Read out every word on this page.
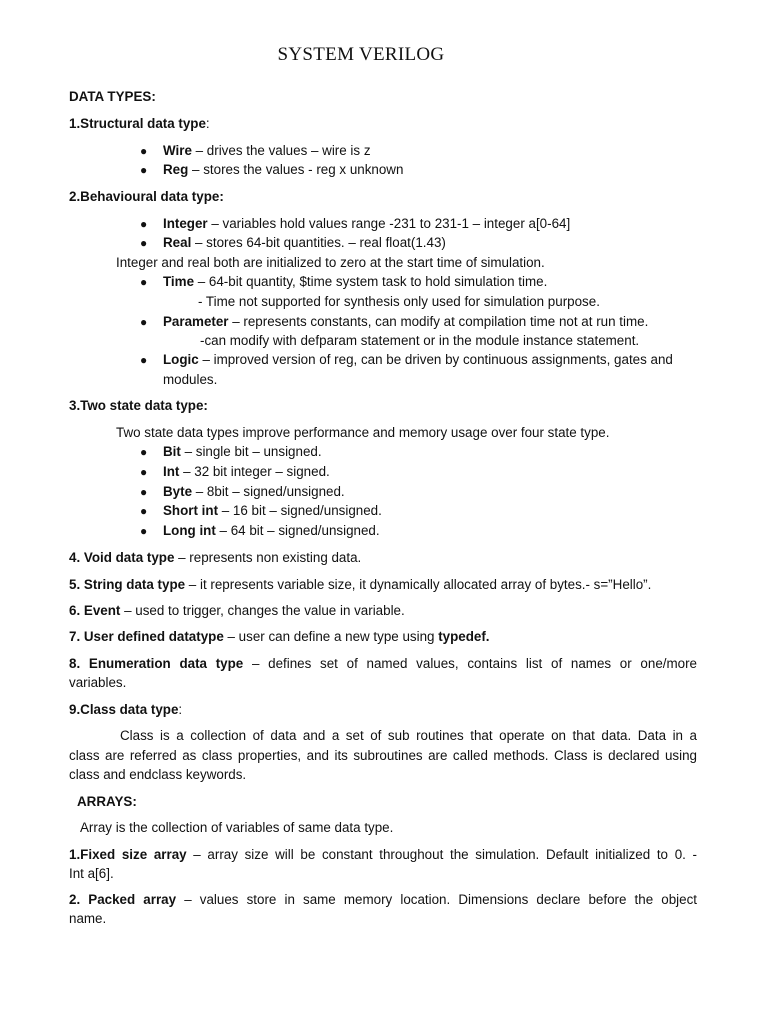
SYSTEM VERILOG
DATA TYPES:
1.Structural data type:
● Wire – drives the values – wire is z
● Reg – stores the values - reg x unknown
2.Behavioural data type:
● Integer – variables hold values range -231 to 231-1 – integer a[0-64]
● Real – stores 64-bit quantities. – real float(1.43)
Integer and real both are initialized to zero at the start time of simulation.
● Time – 64-bit quantity, $time system task to hold simulation time.
- Time not supported for synthesis only used for simulation purpose.
● Parameter – represents constants, can modify at compilation time not at run time.
-can modify with defparam statement or in the module instance statement.
● Logic – improved version of reg, can be driven by continuous assignments, gates and
modules.
3.Two state data type:
Two state data types improve performance and memory usage over four state type.
● Bit – single bit – unsigned.
● Int – 32 bit integer – signed.
● Byte – 8bit – signed/unsigned.
● Short int – 16 bit – signed/unsigned.
● Long int – 64 bit – signed/unsigned.
4. Void data type – represents non existing data.
5. String data type – it represents variable size, it dynamically allocated array of bytes.- s=”Hello”.
6. Event – used to trigger, changes the value in variable.
7. User defined datatype – user can define a new type using typedef.
8. Enumeration data type – defines set of named values, contains list of names or one/more
variables.
9.Class data type:
Class is a collection of data and a set of sub routines that operate on that data. Data in a
class are referred as class properties, and its subroutines are called methods. Class is declared using
class and endclass keywords.
ARRAYS:
Array is the collection of variables of same data type.
1.Fixed size array – array size will be constant throughout the simulation. Default initialized to 0. -
Int a[6].
2. Packed array – values store in same memory location. Dimensions declare before the object
name.
